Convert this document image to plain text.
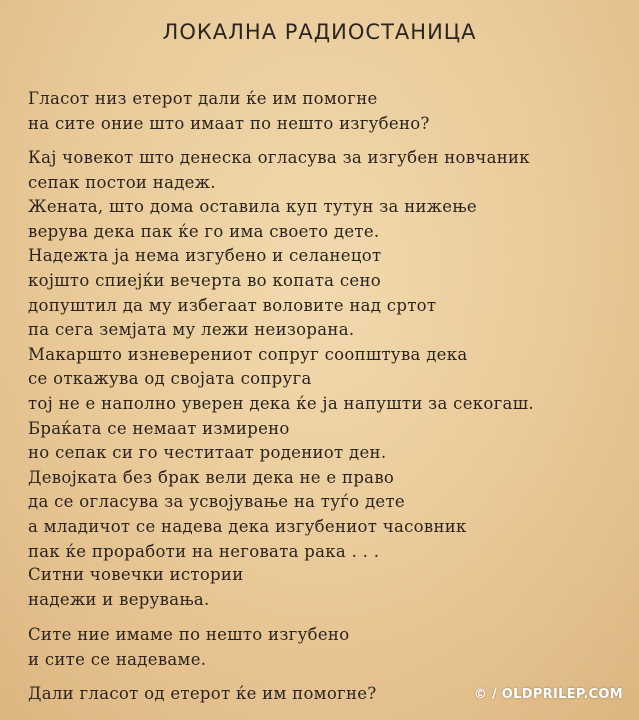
ЛОКАЛНА РАДИОСТАНИЦА
Гласот низ етерот дали ќе им помогне
на сите оние што имаат по нешто изгубено?
Кај човекот што денеска огласува за изгубен новчаник
сепак постои надеж.
Жената, што дома оставила куп тутун за нижење
верува дека пак ќе го има своето дете.
Надежта ја нема изгубено и селанецот
којшто спиејќи вечерта во копата сено
допуштил да му избегаат воловите над сртот
па сега земјата му лежи неизорана.
Макарштo изневерениот сопруг соопштува дека
се откажува од својата сопруга
тој не е наполно уверен дека ќе ја напушти за секогаш.
Браќата се немаат измирено
но сепак си го честитаат родениот ден.
Девојката без брак вели дека не е право
да се огласува за усвојување на туѓо дете
а младичот се надева дека изгубениот часовник
пак ќе проработи на неговата рака . . .
Ситни човечки истории
надежи и верувања.
Сите ние имаме по нешто изгубено
и сите се надеваме.
Дали гласот од етерот ќе им помогне?	© / OLDPRILEP.COM
